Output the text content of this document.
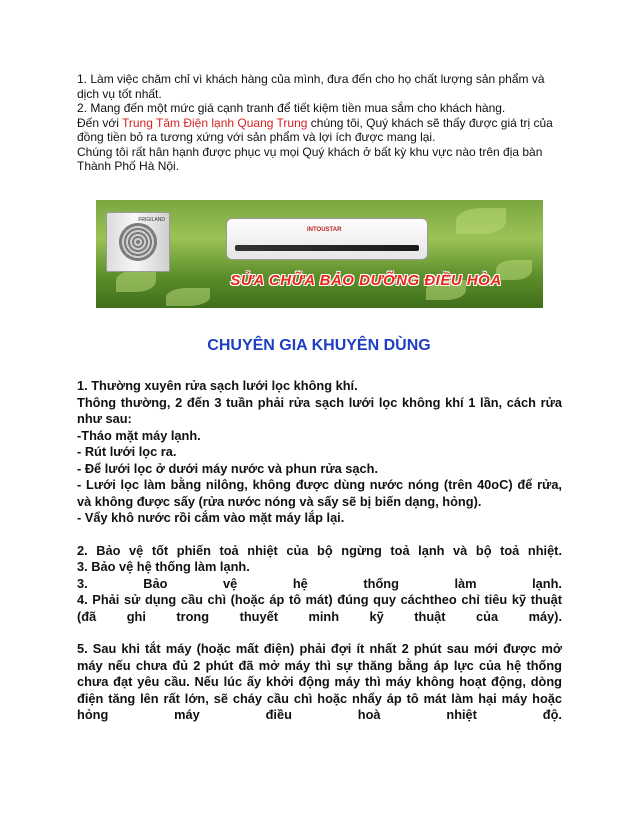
1. Làm việc chăm chỉ vì khách hàng của mình, đưa đến cho họ chất lượng sản phẩm và dịch vụ tốt nhất.

2. Mang đến một mức giá cạnh tranh để tiết kiệm tiền mua sắm cho khách hàng.

Đến với Trung Tâm Điện lạnh Quang Trung chúng tôi, Quý khách sẽ thấy được giá trị của đồng tiền bỏ ra tương xứng với sản phẩm và lợi ích được mang lại.

Chúng tôi rất hân hạnh được phục vụ mọi Quý khách ở bất kỳ khu vực nào trên địa bàn Thành Phố Hà Nội.

FRIGILAND
INTOUSTAR
SỬA CHỮA BẢO DƯỠNG ĐIỀU HÒA
CHUYÊN GIA KHUYÊN DÙNG

1. Thường xuyên rửa sạch lưới lọc không khí.

Thông thường, 2 đến 3 tuần phải rửa sạch lưới lọc không khí 1 lần, cách rửa như sau:

-Tháo mặt máy lạnh.

- Rút lưới lọc ra.

- Để lưới lọc ở dưới máy nước và phun rửa sạch.

- Lưới lọc làm bằng nilông, không được dùng nước nóng (trên 40oC) để rửa, và không được sấy (rửa nước nóng và sấy sẽ bị biến dạng, hỏng).

- Vẩy khô nước rồi cắm vào mặt máy lắp lại.

2. Bảo vệ tốt phiến toả nhiệt của bộ ngừng toả lạnh và bộ toả nhiệt.

3. Bảo vệ hệ thống làm lạnh.

3. Bảo vệ hệ thống làm lạnh.

4. Phải sử dụng cầu chì (hoặc áp tô mát) đúng quy cáchtheo chỉ tiêu kỹ thuật (đã ghi trong thuyết minh kỹ thuật của máy).

5. Sau khi tắt máy (hoặc mất điện) phải đợi ít nhất 2 phút sau mới được mở máy nếu chưa đủ 2 phút đã mở máy thì sự thăng bằng áp lực của hệ thống chưa đạt yêu cầu. Nếu lúc ấy khởi động máy thì máy không hoạt động, dòng điện tăng lên rất lớn, sẽ cháy cầu chì hoặc nhẩy áp tô mát làm hại máy hoặc hỏng máy điều hoà nhiệt độ.
